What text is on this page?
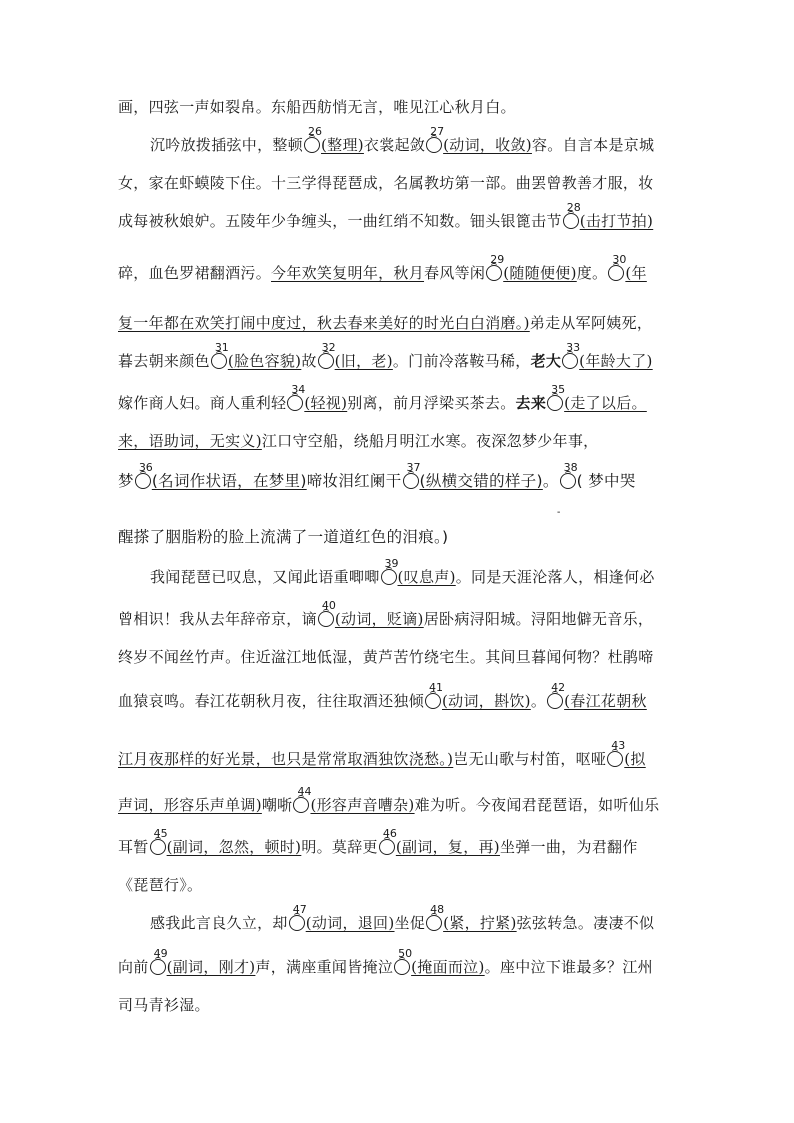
画，四弦一声如裂帛。东船西舫悄无言，唯见江心秋月白。
沉吟放拨插弦中，整顿
26
(整理)衣裳起敛
27
(动词，收敛)容。自言本是京城
女，家在虾蟆陵下住。十三学得琵琶成，名属教坊第一部。曲罢曾教善才服，妆
成每被秋娘妒。五陵年少争缠头，一曲红绡不知数。钿头银篦击节
28
(击打节拍)
碎，血色罗裙翻酒污。今年欢笑复明年，秋月春风等闲
29
(随随便便)度。
30
(年
复一年都在欢笑打闹中度过，秋去春来美好的时光白白消磨。)弟走从军阿姨死，
暮去朝来颜色
31
(脸色容貌)故
32
(旧，老)。门前冷落鞍马稀，老大
33
(年龄大了)
嫁作商人妇。商人重利轻
34
(轻视)别离，前月浮梁买茶去。去来
35
(走了以后。
来，语助词，无实义)江口守空船，绕船月明江水寒。夜深忽梦少年事，
梦
36
(名词作状语，在梦里)啼妆泪红阑干
37
(纵横交错的样子)。
38
( 梦中哭
-
醒搽了胭脂粉的脸上流满了一道道红色的泪痕。)
我闻琵琶已叹息，又闻此语重唧唧
39
(叹息声)。同是天涯沦落人，相逢何必
曾相识！我从去年辞帝京，谪
40
(动词，贬谪)居卧病浔阳城。浔阳地僻无音乐，
终岁不闻丝竹声。住近湓江地低湿，黄芦苦竹绕宅生。其间旦暮闻何物？杜鹃啼
血猿哀鸣。春江花朝秋月夜，往往取酒还独倾
41
(动词，斟饮)。
42
(春江花朝秋
江月夜那样的好光景，也只是常常取酒独饮浇愁。)岂无山歌与村笛，呕哑
43
(拟
声词，形容乐声单调)嘲哳
44
(形容声音嘈杂)难为听。今夜闻君琵琶语，如听仙乐
耳暂
45
(副词，忽然，顿时)明。莫辞更
46
(副词，复，再)坐弹一曲，为君翻作
《琵琶行》。
感我此言良久立，却
47
(动词，退回)坐促
48
(紧，拧紧)弦弦转急。凄凄不似
向前
49
(副词，刚才)声，满座重闻皆掩泣
50
(掩面而泣)。座中泣下谁最多？江州
司马青衫湿。
